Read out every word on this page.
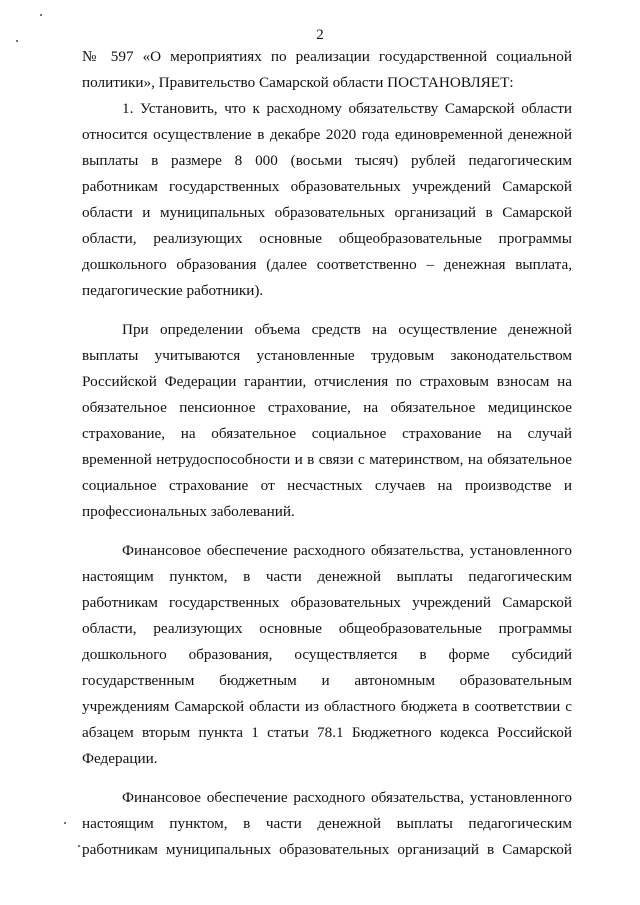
2
№ 597 «О мероприятиях по реализации государственной социальной
политики», Правительство Самарской области ПОСТАНОВЛЯЕТ:
1. Установить, что к расходному обязательству Самарской области
относится осуществление в декабре 2020 года единовременной денежной
выплаты в размере 8 000 (восьми тысяч) рублей педагогическим
работникам государственных образовательных учреждений Самарской
области и муниципальных образовательных организаций в Самарской
области, реализующих основные общеобразовательные программы
дошкольного образования (далее соответственно – денежная выплата,
педагогические работники).
При определении объема средств на осуществление денежной
выплаты учитываются установленные трудовым законодательством
Российской Федерации гарантии, отчисления по страховым взносам на
обязательное пенсионное страхование, на обязательное медицинское
страхование, на обязательное социальное страхование на случай
временной нетрудоспособности и в связи с материнством, на обязательное
социальное страхование от несчастных случаев на производстве и
профессиональных заболеваний.
Финансовое обеспечение расходного обязательства, установленного
настоящим пунктом, в части денежной выплаты педагогическим
работникам государственных образовательных учреждений Самарской
области, реализующих основные общеобразовательные программы
дошкольного образования, осуществляется в форме субсидий
государственным бюджетным и автономным образовательным
учреждениям Самарской области из областного бюджета в соответствии с
абзацем вторым пункта 1 статьи 78.1 Бюджетного кодекса Российской
Федерации.
Финансовое обеспечение расходного обязательства, установленного
настоящим пунктом, в части денежной выплаты педагогическим
работникам муниципальных образовательных организаций в Самарской
